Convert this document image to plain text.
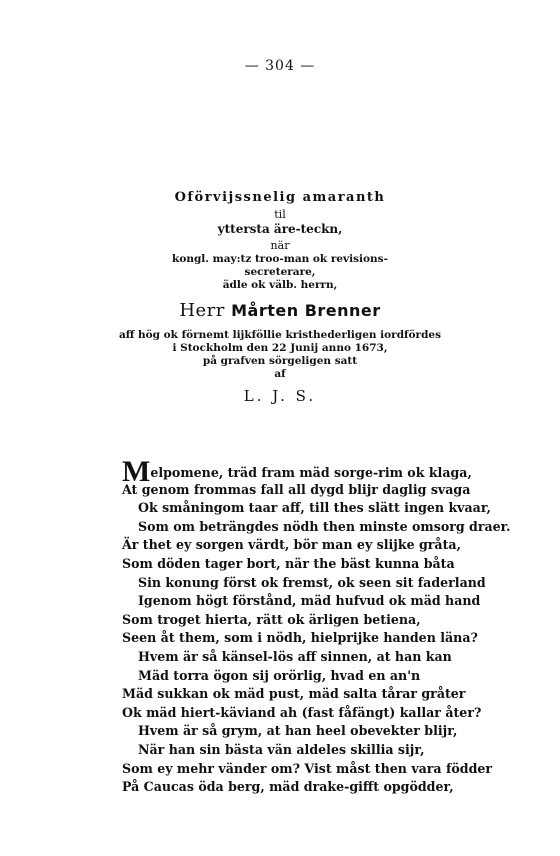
— 304 —
Oförvijssnelig amaranth
til
yttersta äre-teckn,
när
kongl. may:tz troo-man ok revisions-
secreterare,
ädle ok välb. herrn,
Herr Mårten Brenner
aff hög ok förnemt lijkföllie kristhederligen iordfördes
i Stockholm den 22 Junij anno 1673,
på grafven sörgeligen satt
af
L. J. S.
Melpomene, träd fram mäd sorge-rim ok klaga,
At genom frommas fall all dygd blijr daglig svaga
Ok småningom taar aff, till thes slätt ingen kvaar,
Som om beträngdes nödh then minste omsorg draer.
Är thet ey sorgen värdt, bör man ey slijke gråta,
Som döden tager bort, när the bäst kunna båta
Sin konung först ok fremst, ok seen sit faderland
Igenom högt förstånd, mäd hufvud ok mäd hand
Som troget hierta, rätt ok ärligen betiena,
Seen åt them, som i nödh, hielprijke handen läna?
Hvem är så känsel-lös aff sinnen, at han kan
Mäd torra ögon sij orörlig, hvad en an'n
Mäd sukkan ok mäd pust, mäd salta tårar gråter
Ok mäd hiert-käviand ah (fast fåfängt) kallar åter?
Hvem är så grym, at han heel obevekter blijr,
När han sin bästa vän aldeles skillia sijr,
Som ey mehr vänder om? Vist måst then vara födder
På Caucas öda berg, mäd drake-gifft opgödder,
